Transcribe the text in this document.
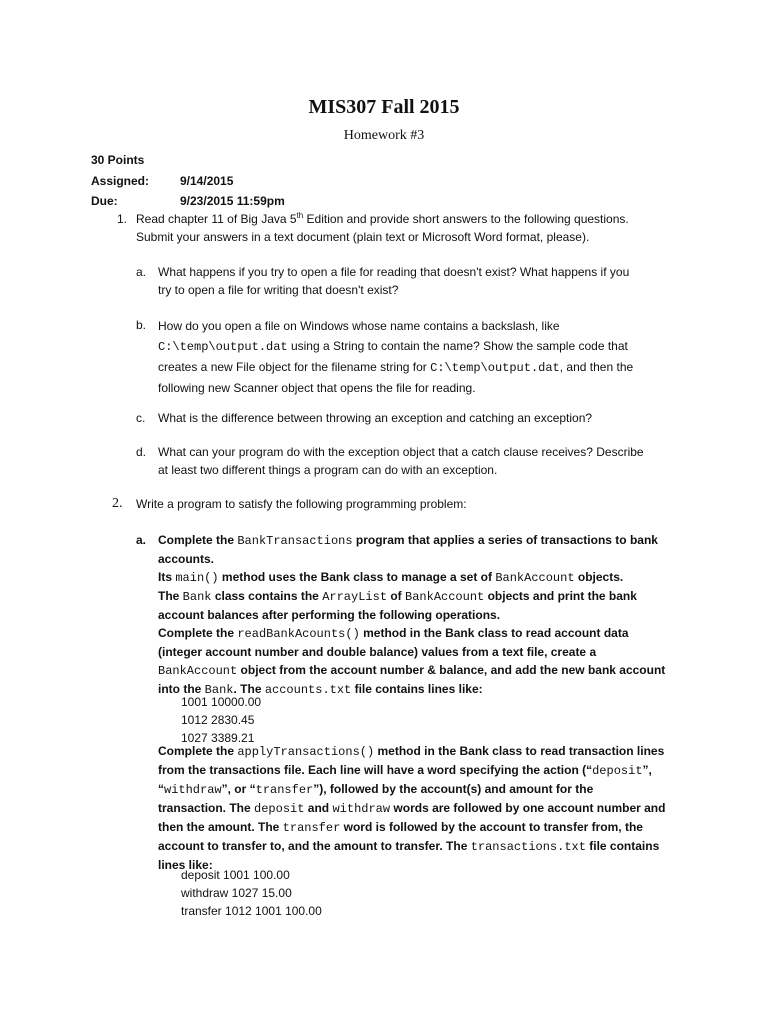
MIS307 Fall 2015
Homework #3
30 Points
Assigned:	9/14/2015
Due:	9/23/2015 11:59pm
1. Read chapter 11 of Big Java 5th Edition and provide short answers to the following questions.
Submit your answers in a text document (plain text or Microsoft Word format, please).
a. What happens if you try to open a file for reading that doesn't exist? What happens if you
try to open a file for writing that doesn't exist?
b. How do you open a file on Windows whose name contains a backslash, like
C:\temp\output.dat using a String to contain the name? Show the sample code that
creates a new File object for the filename string for C:\temp\output.dat, and then the
following new Scanner object that opens the file for reading.
c. What is the difference between throwing an exception and catching an exception?
d. What can your program do with the exception object that a catch clause receives? Describe
at least two different things a program can do with an exception.
2. Write a program to satisfy the following programming problem:
a. Complete the BankTransactions program that applies a series of transactions to bank
accounts.
Its main() method uses the Bank class to manage a set of BankAccount objects.
The Bank class contains the ArrayList of BankAccount objects and print the bank
account balances after performing the following operations.
Complete the readBankAcounts() method in the Bank class to read account data
(integer account number and double balance) values from a text file, create a
BankAccount object from the account number & balance, and add the new bank account
into the Bank. The accounts.txt file contains lines like:
1001 10000.00
1012 2830.45
1027 3389.21
Complete the applyTransactions() method in the Bank class to read transaction lines
from the transactions file. Each line will have a word specifying the action (“deposit”,
“withdraw”, or “transfer”), followed by the account(s) and amount for the
transaction. The deposit and withdraw words are followed by one account number and
then the amount. The transfer word is followed by the account to transfer from, the
account to transfer to, and the amount to transfer. The transactions.txt file contains
lines like:
deposit 1001 100.00
withdraw 1027 15.00
transfer 1012 1001 100.00
